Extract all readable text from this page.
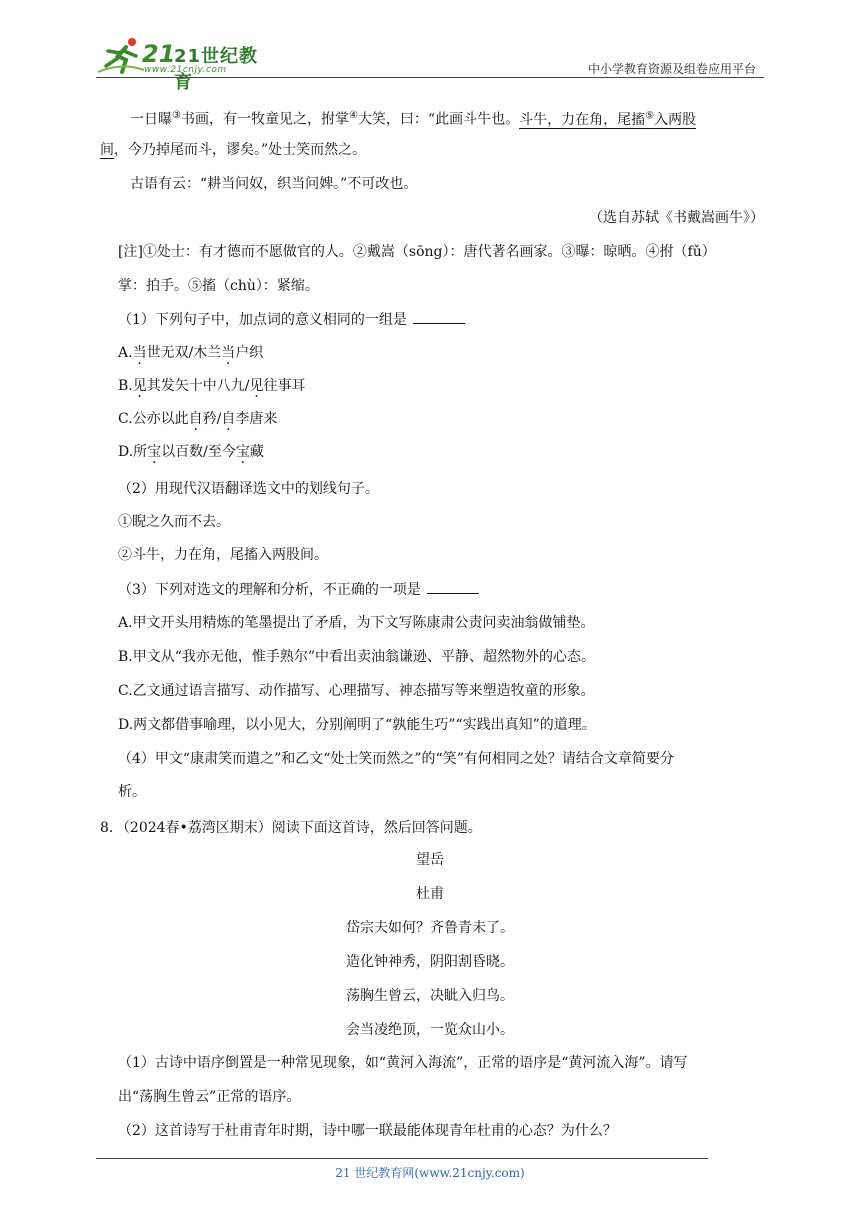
21
21世纪教育
www.21cnjy.com	中小学教育资源及组卷应用平台
一日曝③书画，有一牧童见之，拊掌④大笑，曰：“此画斗牛也。斗牛，力在角，尾搐⑤入两股
间，今乃掉尾而斗，谬矣。”处士笑而然之。
古语有云：“耕当问奴，织当问婢。”不可改也。
（选自苏轼《书戴嵩画牛》）
[注]①处士：有才德而不愿做官的人。②戴嵩（sōng）：唐代著名画家。③曝：晾晒。④拊（fǔ）
掌：拍手。⑤搐（chù）：紧缩。
（1）下列句子中，加点词的意义相同的一组是
A.当世无双/木兰当户织
B.见其发矢十中八九/见往事耳
C.公亦以此自矜/自李唐来
D.所宝以百数/至今宝藏
（2）用现代汉语翻译选文中的划线句子。
①睨之久而不去。
②斗牛，力在角，尾搐入两股间。
（3）下列对选文的理解和分析，不正确的一项是
A.甲文开头用精炼的笔墨提出了矛盾，为下文写陈康肃公责问卖油翁做铺垫。
B.甲文从“我亦无他，惟手熟尔”中看出卖油翁谦逊、平静、超然物外的心态。
C.乙文通过语言描写、动作描写、心理描写、神态描写等来塑造牧童的形象。
D.两文都借事喻理，以小见大，分别阐明了“孰能生巧”“实践出真知”的道理。
（4）甲文“康肃笑而遣之”和乙文“处士笑而然之”的“笑”有何相同之处？请结合文章简要分
析。
8．（2024春•荔湾区期末）阅读下面这首诗，然后回答问题。
望岳
杜甫
岱宗夫如何？齐鲁青未了。
造化钟神秀，阴阳割昏晓。
荡胸生曾云，决眦入归鸟。
会当凌绝顶，一览众山小。
（1）古诗中语序倒置是一种常见现象，如“黄河入海流”，正常的语序是“黄河流入海”。请写
出“荡胸生曾云”正常的语序。
（2）这首诗写于杜甫青年时期，诗中哪一联最能体现青年杜甫的心态？为什么？
21 世纪教育网(www.21cnjy.com)
